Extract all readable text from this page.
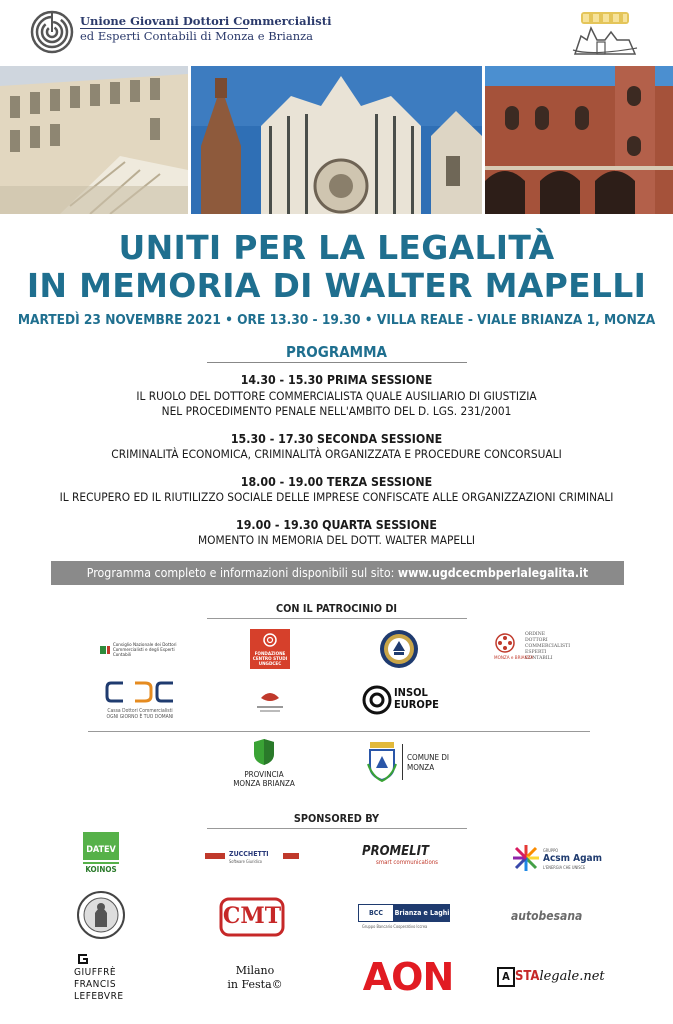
Unione Giovani Dottori Commercialisti
ed Esperti Contabili di Monza e Brianza
UNITI PER LA LEGALITÀ
IN MEMORIA DI WALTER MAPELLI
MARTEDÌ 23 NOVEMBRE 2021 • ORE 13.30 - 19.30 • VILLA REALE - VIALE BRIANZA 1, MONZA
PROGRAMMA
14.30 - 15.30 PRIMA SESSIONE
IL RUOLO DEL DOTTORE COMMERCIALISTA QUALE AUSILIARIO DI GIUSTIZIA
NEL PROCEDIMENTO PENALE NELL'AMBITO DEL D. LGS. 231/2001
15.30 - 17.30 SECONDA SESSIONE
CRIMINALITÀ ECONOMICA, CRIMINALITÀ ORGANIZZATA E PROCEDURE CONCORSUALI
18.00 - 19.00 TERZA SESSIONE
IL RECUPERO ED IL RIUTILIZZO SOCIALE DELLE IMPRESE CONFISCATE ALLE ORGANIZZAZIONI CRIMINALI
19.00 - 19.30 QUARTA SESSIONE
MOMENTO IN MEMORIA DEL DOTT. WALTER MAPELLI
Programma completo e informazioni disponibili sul sito: www.ugdcecmbperlalegalita.it
CON IL PATROCINIO DI
Consiglio Nazionale dei Dottori Commercialisti e degli Esperti Contabili	FONDAZIONE CENTRO STUDI UNGDCEC
ORDINE
DOTTORI
COMMERCIALISTI
ESPERTI
CONTABILI
MONZA e BRIANZA
Cassa Dottori Commercialisti
OGNI GIORNO È TUO DOMANI
INSOL
EUROPE
PROVINCIA
MONZA BRIANZA
COMUNE DI
MONZA
SPONSORED BY
DATEV
KOINOS
ZUCCHETTI
Software Giuridico
PROMELIT
smart communications
GRUPPO
Acsm Agam
L'ENERGIA CHE UNISCE
CMT	BCC	Brianza e Laghi
Gruppo Bancario Cooperativo Iccrea
autobesana
GIUFFRÈ
FRANCIS
LEFEBVRE
Milano
in Festa© AON	A STAlegale.net
